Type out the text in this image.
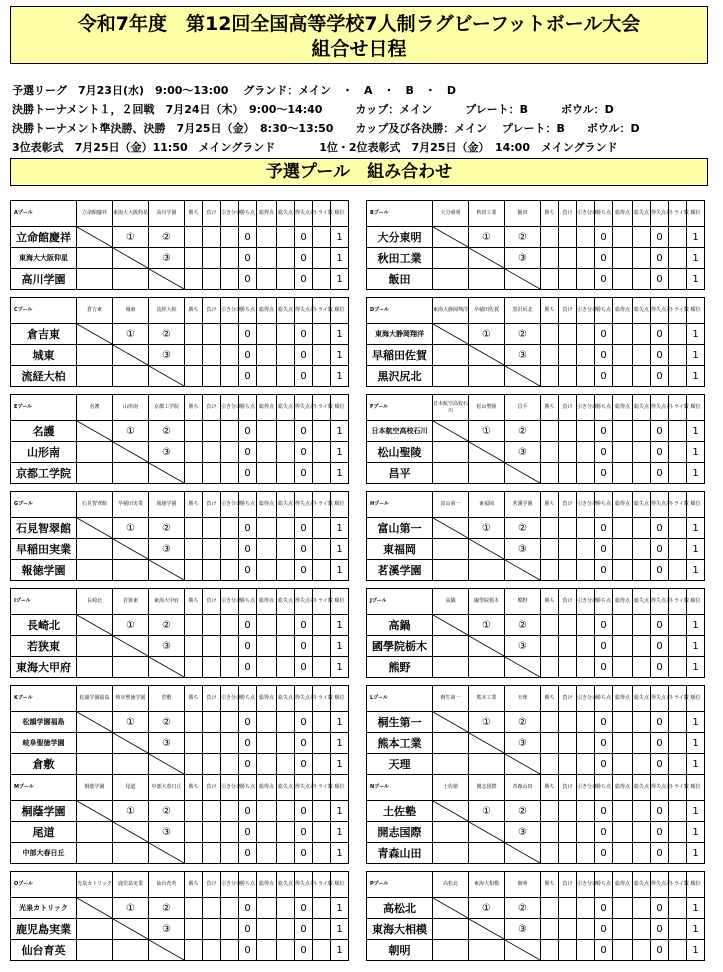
令和7年度　第12回全国高等学校7人制ラグビーフットボール大会
組合せ日程
予選リーグ　7月23日(水)　9:00～13:00　 グランド：メイン　・　A　・　B　・　D
決勝トーナメント１，２回戦　7月24日（木）　9:00～14:40　　　カップ：メイン　　　プレート：B　　　ボウル：D
決勝トーナメント準決勝、決勝　7月25日（金）　8:30～13:50　　カップ及び各決勝：メイン　 プレート：B　　ボウル：D
3位表彰式　7月25日（金）11:50　メイングランド　　　　1位・2位表彰式　7月25日（金）　14:00　メイングランド
予選プール　組み合わせ
Aプール	立命館慶祥	東海大大阪仰星	高川学園	勝ち	負け	引き分け	勝ち点	総得点	総失点	得失点差	トライ数	順位
立命館慶祥		①	②				0			0		1
東海大大阪仰星			③				0			0		1
高川学園							0			0		1
Bプール	大分東明	秋田工業	飯田	勝ち	負け	引き分け	勝ち点	総得点	総失点	得失点差	トライ数	順位
大分東明		①	②				0			0		1
秋田工業			③				0			0		1
飯田							0			0		1
Cプール	倉吉東	城東	流経大柏	勝ち	負け	引き分け	勝ち点	総得点	総失点	得失点差	トライ数	順位
倉吉東		①	②				0			0		1
城東			③				0			0		1
流経大柏							0			0		1
Dプール	東海大静岡翔洋	早稲田佐賀	黒沢尻北	勝ち	負け	引き分け	勝ち点	総得点	総失点	得失点差	トライ数	順位
東海大静岡翔洋		①	②				0			0		1
早稲田佐賀			③				0			0		1
黒沢尻北							0			0		1
Eプール	名護	山形南	京都工学院	勝ち	負け	引き分け	勝ち点	総得点	総失点	得失点差	トライ数	順位
名護		①	②				0			0		1
山形南			③				0			0		1
京都工学院							0			0		1
Fプール	日本航空高校石川	松山聖陵	昌平	勝ち	負け	引き分け	勝ち点	総得点	総失点	得失点差	トライ数	順位
日本航空高校石川		①	②				0			0		1
松山聖陵			③				0			0		1
昌平							0			0		1
Gプール	石見智翠館	早稲田実業	報徳学園	勝ち	負け	引き分け	勝ち点	総得点	総失点	得失点差	トライ数	順位
石見智翠館		①	②				0			0		1
早稲田実業			③				0			0		1
報徳学園							0			0		1
Hプール	富山第一	東福岡	茗溪学園	勝ち	負け	引き分け	勝ち点	総得点	総失点	得失点差	トライ数	順位
富山第一		①	②				0			0		1
東福岡			③				0			0		1
茗溪学園							0			0		1
Iプール	長崎北	若狭東	東海大甲府	勝ち	負け	引き分け	勝ち点	総得点	総失点	得失点差	トライ数	順位
長崎北		①	②				0			0		1
若狭東			③				0			0		1
東海大甲府							0			0		1
Jプール	高鍋	國學院栃木	熊野	勝ち	負け	引き分け	勝ち点	総得点	総失点	得失点差	トライ数	順位
高鍋		①	②				0			0		1
國學院栃木			③				0			0		1
熊野							0			0		1
Kプール	松韻学園福島	岐阜聖徳学園	倉敷	勝ち	負け	引き分け	勝ち点	総得点	総失点	得失点差	トライ数	順位
松韻学園福島		①	②				0			0		1
岐阜聖徳学園			③				0			0		1
倉敷							0			0		1
Lプール	桐生第一	熊本工業	天理	勝ち	負け	引き分け	勝ち点	総得点	総失点	得失点差	トライ数	順位
桐生第一		①	②				0			0		1
熊本工業			③				0			0		1
天理							0			0		1
Mプール	桐蔭学園	尾道	中部大春日丘	勝ち	負け	引き分け	勝ち点	総得点	総失点	得失点差	トライ数	順位
桐蔭学園		①	②				0			0		1
尾道			③				0			0		1
中部大春日丘							0			0		1
Nプール	土佐塾	開志国際	青森山田	勝ち	負け	引き分け	勝ち点	総得点	総失点	得失点差	トライ数	順位
土佐塾		①	②				0			0		1
開志国際			③				0			0		1
青森山田							0			0		1
Oプール	光泉カトリック	鹿児島実業	仙台育英	勝ち	負け	引き分け	勝ち点	総得点	総失点	得失点差	トライ数	順位
光泉カトリック		①	②				0			0		1
鹿児島実業			③				0			0		1
仙台育英							0			0		1
Pプール	高松北	東海大相模	朝明	勝ち	負け	引き分け	勝ち点	総得点	総失点	得失点差	トライ数	順位
高松北		①	②				0			0		1
東海大相模			③				0			0		1
朝明							0			0		1
